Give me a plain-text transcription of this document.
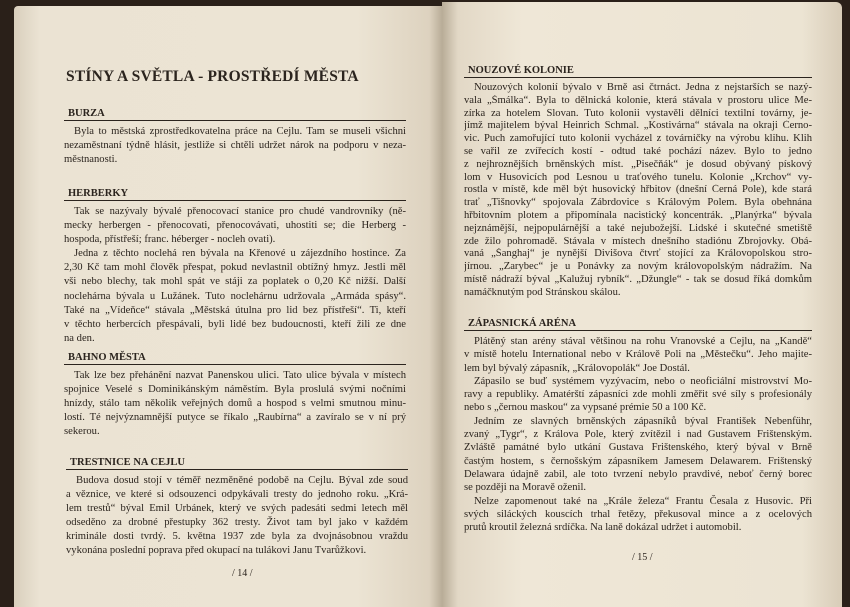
STÍNY A SVĚTLA - PROSTŘEDÍ MĚSTA
BURZA
Byla to městská zprostředkovatelna práce na Cejlu. Tam se museli všichni
nezaměstnaní týdně hlásit, jestliže si chtěli udržet nárok na podporu v neza-
městnanosti.
HERBERKY
Tak se nazývaly bývalé přenocovací stanice pro chudé vandrovníky (ně-
mecky herbergen - přenocovati, přenocovávati, uhostiti se; die Herberg -
hospoda, přístřeší; franc. héberger - nocleh ovati).
Jedna z těchto noclehá ren bývala na Křenové u zájezdního hostince. Za
2,30 Kč tam mohl člověk přespat, pokud nevlastnil obtížný hmyz. Jestli měl
vši nebo blechy, tak mohl spát ve stáji za poplatek o 0,20 Kč nižší. Další
noclehárna bývala u Lužánek. Tuto noclehárnu udržovala „Armáda spásy“.
Také na „Vídeňce“ stávala „Městská útulna pro lid bez přístřeší“. Ti, kteří
v těchto herbercích přespávali, byli lidé bez budoucnosti, kteří žili ze dne
na den.
BAHNO MĚSTA
Tak lze bez přehánění nazvat Panenskou ulici. Tato ulice bývala v místech
spojnice Veselé s Dominikánským náměstím. Byla proslulá svými nočními
hnízdy, stálo tam několik veřejných domů a hospod s velmi smutnou minu-
lostí. Té nejvýznamnější putyce se říkalo „Raubírna“ a zavíralo se v ní prý
sekerou.
TRESTNICE NA CEJLU
Budova dosud stojí v téměř nezměněné podobě na Cejlu. Býval zde soud
a věznice, ve které si odsouzenci odpykávali tresty do jednoho roku. „Krá-
lem trestů“ býval Emil Urbánek, který ve svých padesáti sedmi letech měl
odseděno za drobné přestupky 362 tresty. Život tam byl jako v každém
kriminále dosti tvrdý. 5. května 1937 zde byla za dvojnásobnou vraždu
vykonána poslední poprava před okupací na tulákovi Janu Tvarůžkovi.
/ 14 /
NOUZOVÉ KOLONIE
Nouzových kolonií bývalo v Brně asi čtrnáct. Jedna z nejstarších se nazý-
vala „Šmálka“. Byla to dělnická kolonie, která stávala v prostoru ulice Me-
zírka za hotelem Slovan. Tuto kolonii vystavěli dělníci textilní továrny, je-
jímž majitelem býval Heinrich Schmal. „Kostivárna“ stávala na okraji Černo-
vic. Puch zamořující tuto kolonii vycházel z továrničky na výrobu klihu. Klih
se vařil ze zvířecích kostí - odtud také pochází název. Bylo to jedno
z nejhroznějších brněnských míst. „Pisečňák“ je dosud obývaný pískový
lom v Husovicích pod Lesnou u traťového tunelu. Kolonie „Krchov“ vy-
rostla v místě, kde měl být husovický hřbitov (dnešní Černá Pole), kde stará
trať „Tišnovky“ spojovala Zábrdovice s Královým Polem. Byla obehnána
hřbitovním plotem a připomínala nacistický koncentrák. „Planýrka“ bývala
nejznámější, nejpopulárnější a také nejubožejší. Lidské i skutečné smetiště
zde žilo pohromadě. Stávala v místech dnešního stadiónu Zbrojovky. Obá-
vaná „Šanghaj“ je nynější Divišova čtvrť stojící za Královopolskou stro-
jírnou. „Zarybec“ je u Ponávky za novým královopolským nádražím. Na
místě nádraží býval „Kalužuj rybník“. „Džungle“ - tak se dosud říká domkům
namáčknutým pod Stránskou skálou.
ZÁPASNICKÁ ARÉNA
Plátěný stan arény stával většinou na rohu Vranovské a Cejlu, na „Kandě“
v místě hotelu International nebo v Králově Poli na „Městečku“. Jeho majite-
lem byl bývalý zápasník, „Královopolák“ Joe Dostál.
Zápasilo se buď systémem vyzývacím, nebo o neoficiální mistrovství Mo-
ravy a republiky. Amatérští zápasníci zde mohli změřit své síly s profesionály
nebo s „černou maskou“ za vypsané prémie 50 a 100 Kč.
Jedním ze slavných brněnských zápasníků býval František Nebenführ,
zvaný „Tygr“, z Králova Pole, který zvítězil i nad Gustavem Frištenským.
Zvláště památné bylo utkání Gustava Frištenského, který býval v Brně
častým hostem, s černošským zápasníkem Jamesem Delawarem. Frištenský
Delawara údajně zabil, ale toto tvrzení nebylo pravdivé, neboť černý borec
se později na Moravě oženil.
Nelze zapomenout také na „Krále železa“ Frantu Česala z Husovic. Při
svých siláckých kouscích trhal řetězy, překusoval mince a z ocelových
prutů kroutil železná srdíčka. Na laně dokázal udržet i automobil.
/ 15 /
